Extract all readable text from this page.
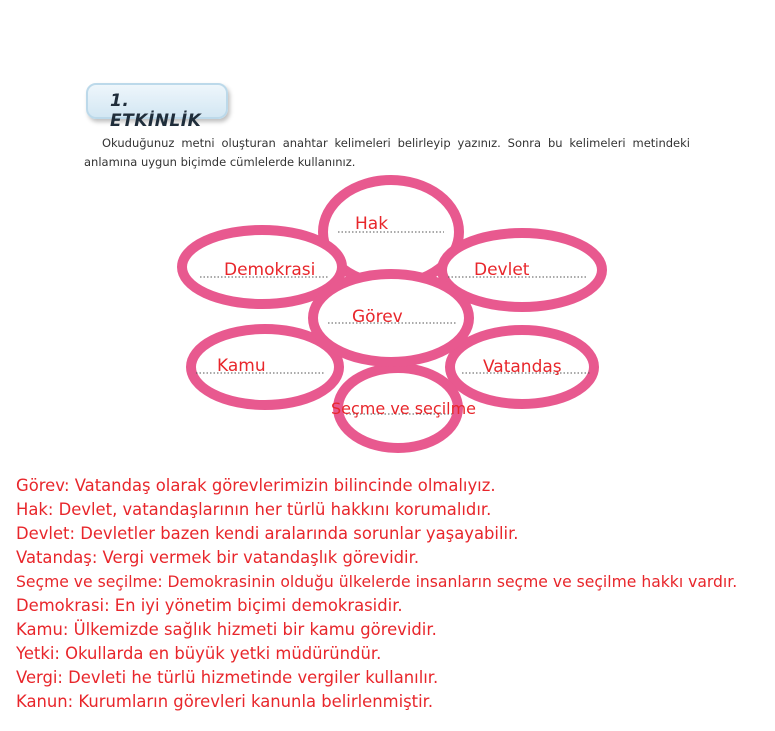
1. ETKİNLİK

Okuduğunuz metni oluşturan anahtar kelimeleri belirleyip yazınız. Sonra bu kelimeleri metindeki anlamına uygun biçimde cümlelerde kullanınız.

Hak
Demokrasi	Devlet
Görev
Kamu	Vatandaş
Seçme ve seçilme
Görev: Vatandaş olarak görevlerimizin bilincinde olmalıyız.
Hak: Devlet, vatandaşlarının her türlü hakkını korumalıdır.
Devlet: Devletler bazen kendi aralarında sorunlar yaşayabilir.
Vatandaş: Vergi vermek bir vatandaşlık görevidir.
Seçme ve seçilme: Demokrasinin olduğu ülkelerde insanların seçme ve seçilme hakkı vardır.
Demokrasi: En iyi yönetim biçimi demokrasidir.
Kamu: Ülkemizde sağlık hizmeti bir kamu görevidir.
Yetki: Okullarda en büyük yetki müdüründür.
Vergi: Devleti he türlü hizmetinde vergiler kullanılır.
Kanun: Kurumların görevleri kanunla belirlenmiştir.
